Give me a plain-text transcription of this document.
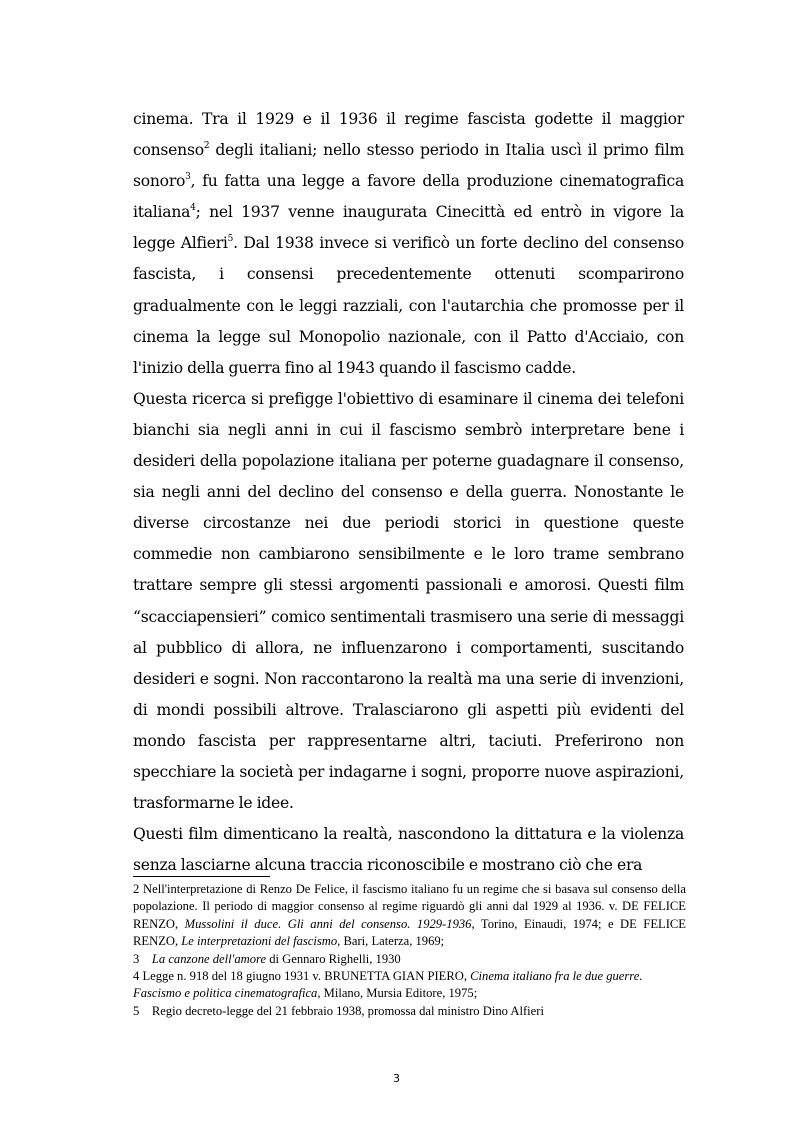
cinema. Tra il 1929 e il 1936 il regime fascista godette il maggior consenso$^2$ degli italiani; nello stesso periodo in Italia uscì il primo film sonoro$^3$, fu fatta una legge a favore della produzione cinematografica italiana$^4$; nel 1937 venne inaugurata Cinecittà ed entrò in vigore la legge Alfieri$^5$. Dal 1938 invece si verificò un forte declino del consenso fascista, i consensi precedentemente ottenuti scomparirono gradualmente con le leggi razziali, con l'autarchia che promosse per il cinema la legge sul Monopolio nazionale, con il Patto d'Acciaio, con l'inizio della guerra fino al 1943 quando il fascismo cadde.

Questa ricerca si prefigge l'obiettivo di esaminare il cinema dei telefoni bianchi sia negli anni in cui il fascismo sembrò interpretare bene i desideri della popolazione italiana per poterne guadagnare il consenso, sia negli anni del declino del consenso e della guerra. Nonostante le diverse circostanze nei due periodi storici in questione queste commedie non cambiarono sensibilmente e le loro trame sembrano trattare sempre gli stessi argomenti passionali e amorosi. Questi film “scacciapensieri” comico sentimentali trasmisero una serie di messaggi al pubblico di allora, ne influenzarono i comportamenti, suscitando desideri e sogni. Non raccontarono la realtà ma una serie di invenzioni, di mondi possibili altrove. Tralasciarono gli aspetti più evidenti del mondo fascista per rappresentarne altri, taciuti. Preferirono non specchiare la società per indagarne i sogni, proporre nuove aspirazioni, trasformarne le idee.

Questi film dimenticano la realtà, nascondono la dittatura e la violenza senza lasciarne alcuna traccia riconoscibile e mostrano ciò che era

2 Nell'interpretazione di Renzo De Felice, il fascismo italiano fu un regime che si basava sul consenso della popolazione. Il periodo di maggior consenso al regime riguardò gli anni dal 1929 al 1936. v. DE FELICE RENZO, Mussolini il duce. Gli anni del consenso. 1929-1936, Torino, Einaudi, 1974; e DE FELICE RENZO, Le interpretazioni del fascismo, Bari, Laterza, 1969;

3 La canzone dell'amore di Gennaro Righelli, 1930

4 Legge n. 918 del 18 giugno 1931 v. BRUNETTA GIAN PIERO, Cinema italiano fra le due guerre. Fascismo e politica cinematografica, Milano, Mursia Editore, 1975;

5 Regio decreto-legge del 21 febbraio 1938, promossa dal ministro Dino Alfieri

3
